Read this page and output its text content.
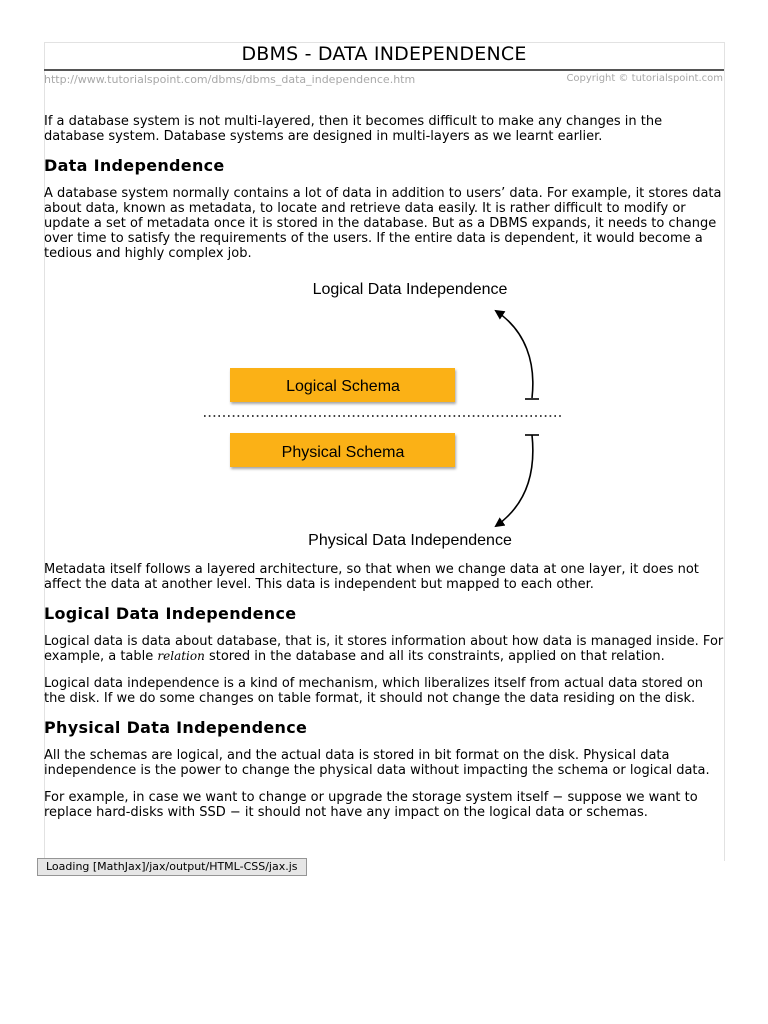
DBMS - DATA INDEPENDENCE
http://www.tutorialspoint.com/dbms/dbms_data_independence.htm	Copyright © tutorialspoint.com

If a database system is not multi-layered, then it becomes difficult to make any changes in the database system. Database systems are designed in multi-layers as we learnt earlier.

Data Independence

A database system normally contains a lot of data in addition to users’ data. For example, it stores data about data, known as metadata, to locate and retrieve data easily. It is rather difficult to modify or update a set of metadata once it is stored in the database. But as a DBMS expands, it needs to change over time to satisfy the requirements of the users. If the entire data is dependent, it would become a tedious and highly complex job.

Logical Data Independence
Logical Schema
Physical Schema
Physical Data Independence

Metadata itself follows a layered architecture, so that when we change data at one layer, it does not affect the data at another level. This data is independent but mapped to each other.

Logical Data Independence

Logical data is data about database, that is, it stores information about how data is managed inside. For example, a table relation stored in the database and all its constraints, applied on that relation.

Logical data independence is a kind of mechanism, which liberalizes itself from actual data stored on the disk. If we do some changes on table format, it should not change the data residing on the disk.

Physical Data Independence

All the schemas are logical, and the actual data is stored in bit format on the disk. Physical data independence is the power to change the physical data without impacting the schema or logical data.

For example, in case we want to change or upgrade the storage system itself − suppose we want to replace hard-disks with SSD − it should not have any impact on the logical data or schemas.

Loading [MathJax]/jax/output/HTML-CSS/jax.js
